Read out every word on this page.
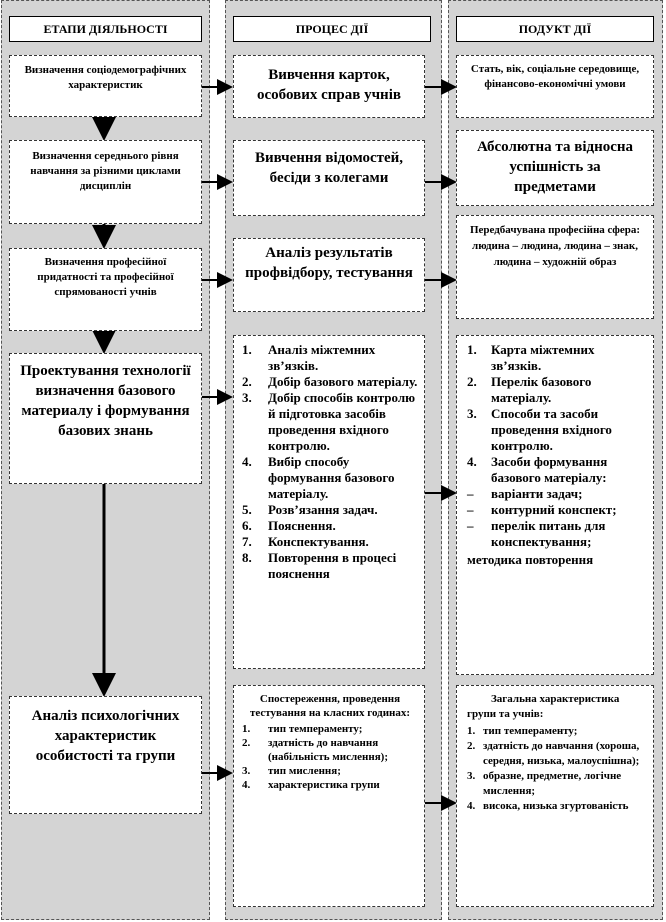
ЕТАПИ ДІЯЛЬНОСТІ	ПРОЦЕС ДІЇ	ПОДУКТ ДІЇ
Визначення соціодемографічних характеристик
Визначення середнього рівня навчання за різними циклами дисциплін
Визначення професійної придатності та професійної спрямованості учнів
Проектування технології визначення базового материалу і формування базових знань
Аналіз психологічних характеристик особистості та групи
Вивчення карток, особових справ учнів
Вивчення відомостей, бесіди з колегами
Аналіз результатів профвідбору, тестування
1. Аналіз міжтемних зв’язків.
2. Добір базового матеріалу.
3. Добір способів контролю й підготовка засобів проведення вхідного контролю.
4. Вибір способу формування базового матеріалу.
5. Розв’язання задач.
6. Пояснення.
7. Конспектування.
8. Повторення в процесі пояснення
Спостереження, проведення тестування на класних годинах:
1. тип темпераменту;
2. здатність до навчання (набільність мислення);
3. тип мислення;
4. характеристика групи
Стать, вік, соціальне середовище, фінансово-економічні умови
Абсолютна та відносна успішність за предметами
Передбачувана професійна сфера: людина – людина, людина – знак, людина – художній образ
1. Карта міжтемних зв’язків.
2. Перелік базового матеріалу.
3. Способи та засоби проведення вхідного контролю.
4. Засоби формування базового матеріалу:
– варіанти задач;
– контурний конспект;
– перелік питань для конспектування;
методика повторення
Загальна характеристика групи та учнів:
1. тип темпераменту;
2. здатність до навчання (хороша, середня, низька, малоуспішна);
3. образне, предметне, логічне мислення;
4. висока, низька згуртованість
